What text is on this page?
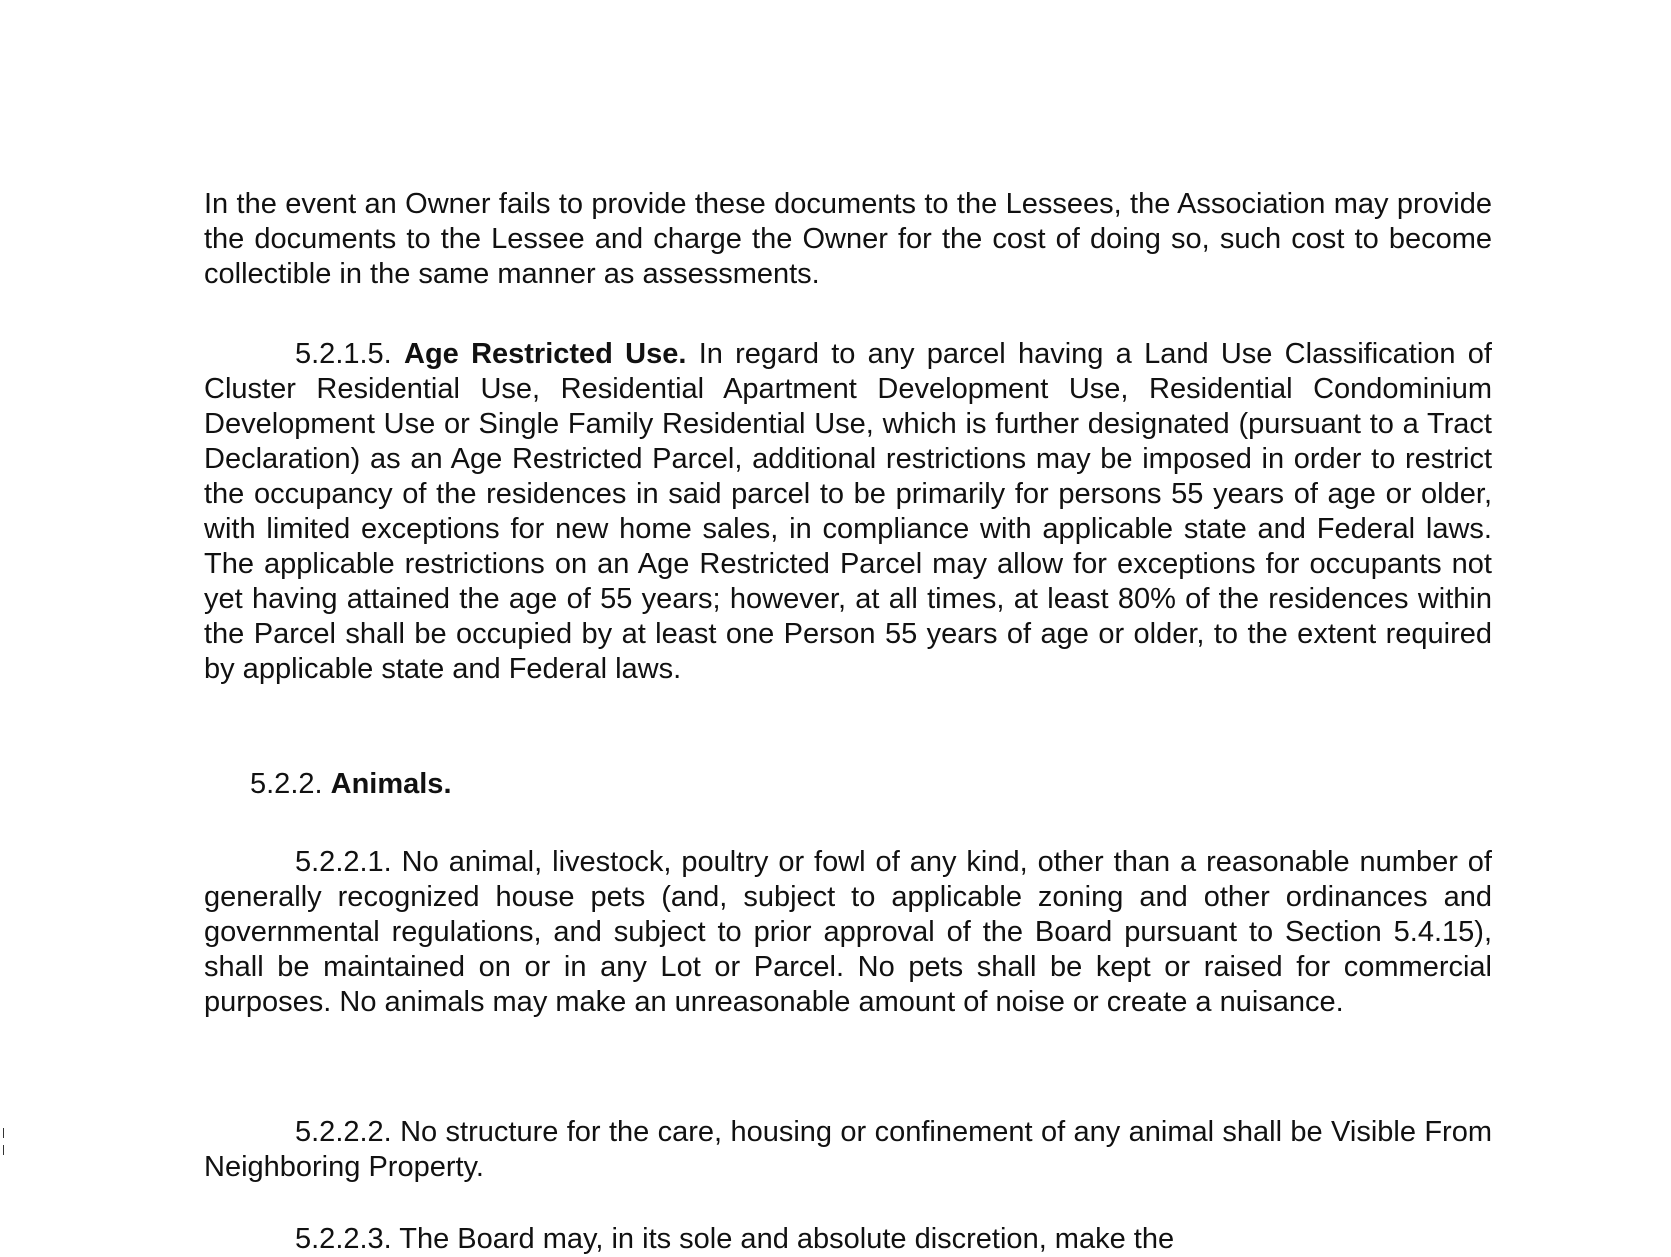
In the event an Owner fails to provide these documents to the Lessees, the Association may provide the documents to the Lessee and charge the Owner for the cost of doing so, such cost to become collectible in the same manner as assessments.

5.2.1.5. Age Restricted Use. In regard to any parcel having a Land Use Classification of Cluster Residential Use, Residential Apartment Development Use, Residential Condominium Development Use or Single Family Residential Use, which is further designated (pursuant to a Tract Declaration) as an Age Restricted Parcel, additional restrictions may be imposed in order to restrict the occupancy of the residences in said parcel to be primarily for persons 55 years of age or older, with limited exceptions for new home sales, in compliance with applicable state and Federal laws. The applicable restrictions on an Age Restricted Parcel may allow for exceptions for occupants not yet having attained the age of 55 years; however, at all times, at least 80% of the residences within the Parcel shall be occupied by at least one Person 55 years of age or older, to the extent required by applicable state and Federal laws.

5.2.2. Animals.

5.2.2.1. No animal, livestock, poultry or fowl of any kind, other than a reasonable number of generally recognized house pets (and, subject to applicable zoning and other ordinances and governmental regulations, and subject to prior approval of the Board pursuant to Section 5.4.15), shall be maintained on or in any Lot or Parcel. No pets shall be kept or raised for commercial purposes. No animals may make an unreasonable amount of noise or create a nuisance.

5.2.2.2. No structure for the care, housing or confinement of any animal shall be Visible From Neighboring Property.

5.2.2.3. The Board may, in its sole and absolute discretion, make the
